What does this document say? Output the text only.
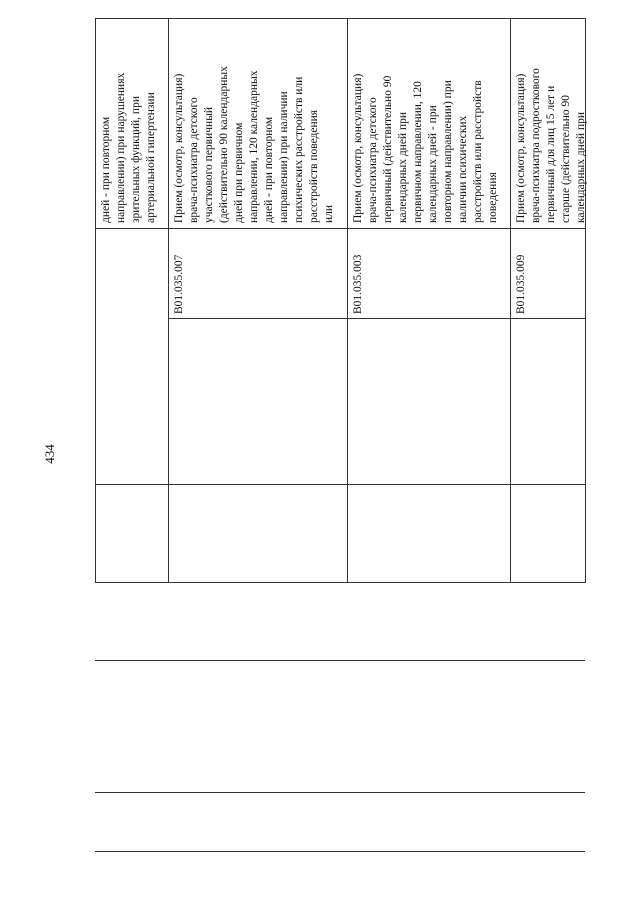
434
дней - при повторном
направлении) при нарушениях
зрительных функций, при
артериальной гипертензии
B01.035.007
Прием (осмотр, консультация)
врача-психиатра детского
участкового первичный
(действительно 90 календарных
дней при первичном
направлении, 120 календарных
дней - при повторном
направлении) при наличии
психических расстройств или
расстройств поведения
или
B01.035.003
Прием (осмотр, консультация)
врача-психиатра детского
первичный (действительно 90
календарных дней при
первичном направлении, 120
календарных дней - при
повторном направлении) при
наличии психических
расстройств или расстройств
поведения
B01.035.009
Прием (осмотр, консультация)
врача-психиатра подросткового
первичный для лиц 15 лет и
старше (действительно 90
календарных дней при
